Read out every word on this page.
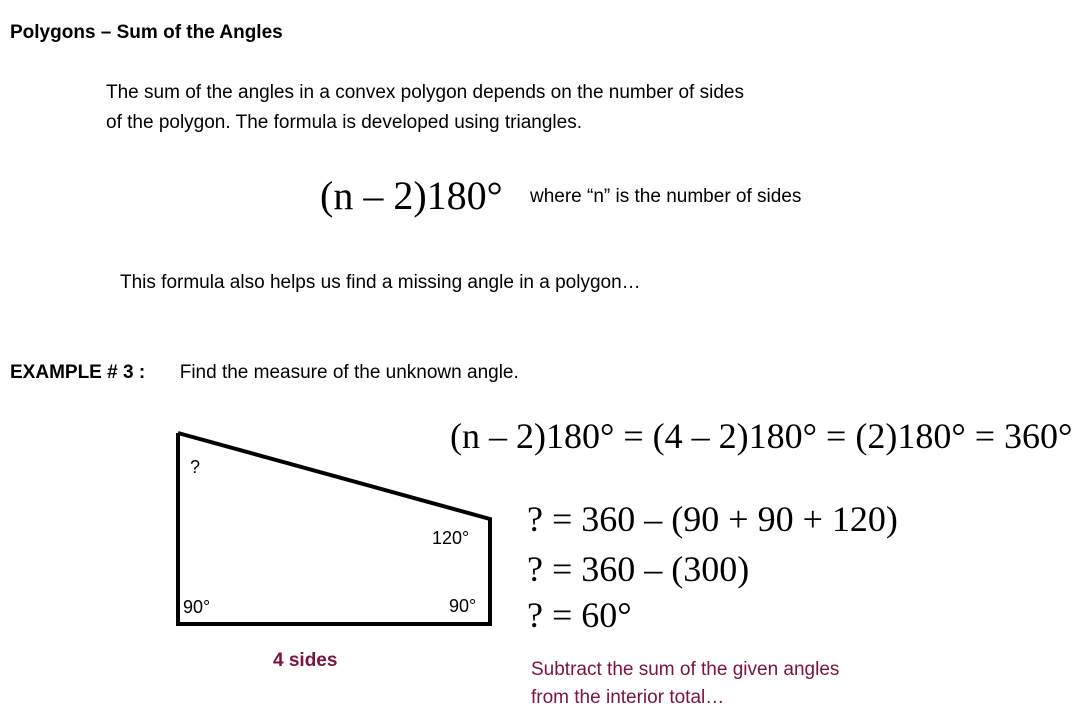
Polygons – Sum of the Angles
The sum of the angles in a convex polygon depends on the number of sides
of the polygon. The formula is developed using triangles.
(n – 2)180° where “n” is the number of sides
This formula also helps us find a missing angle in a polygon…
EXAMPLE # 3 : Find the measure of the unknown angle.
(n – 2)180° = (4 – 2)180° = (2)180° = 360°
?
120°
90°	90°
4 sides
? = 360 – (90 + 90 + 120)
? = 360 – (300)
? = 60°
Subtract the sum of the given angles
from the interior total…
